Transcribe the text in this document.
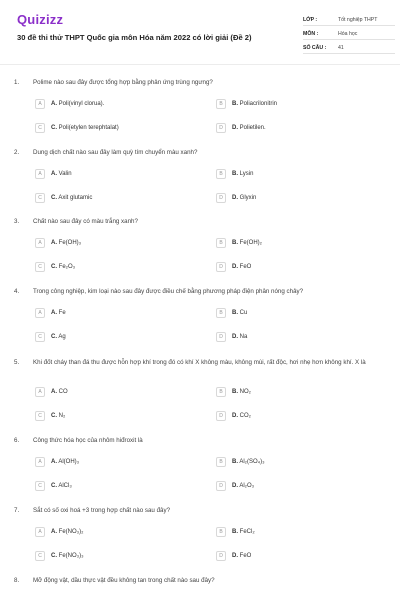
Quizizz
30 đề thi thử THPT Quốc gia môn Hóa năm 2022 có lời giải (Đề 2)
LỚP :	Tốt nghiệp THPT
MÔN :	Hóa học
SỐ CÂU :	41
1. Polime nào sau đây được tổng hợp bằng phản ứng trùng ngưng?
A	A. Poli(vinyl clorua).	B	B. Poliacrilonitrin
C	C. Poli(etylen terephtalat)	D	D. Polietilen.
2. Dung dịch chất nào sau đây làm quỳ tím chuyển màu xanh?
A	A. Valin	B	B. Lysin
C	C. Axit glutamic	D	D. Glyxin
3. Chất nào sau đây có màu trắng xanh?
A	A. Fe(OH)₃	B	B. Fe(OH)₂
C	C. Fe₂O₃	D	D. FeO
4. Trong công nghiệp, kim loại nào sau đây được điều chế bằng phương pháp điện phân nóng chảy?
A	A. Fe	B	B. Cu
C	C. Ag	D	D. Na
5. Khi đốt cháy than đá thu được hỗn hợp khí trong đó có khí X không màu, không mùi, rất độc, hơi nhẹ hơn không khí. X là
A	A. CO	B	B. NO₂
C	C. N₂	D	D. CO₂
6. Công thức hóa học của nhôm hiđroxit là
A	A. Al(OH)₃	B	B. Al₂(SO₄)₃
C	C. AlCl₃	D	D. Al₂O₃
7. Sắt có số oxi hoá +3 trong hợp chất nào sau đây?
A	A. Fe(NO₃)₂	B	B. FeCl₂
C	C. Fe(NO₃)₃	D	D. FeO
8. Mỡ động vật, dầu thực vật đều không tan trong chất nào sau đây?
